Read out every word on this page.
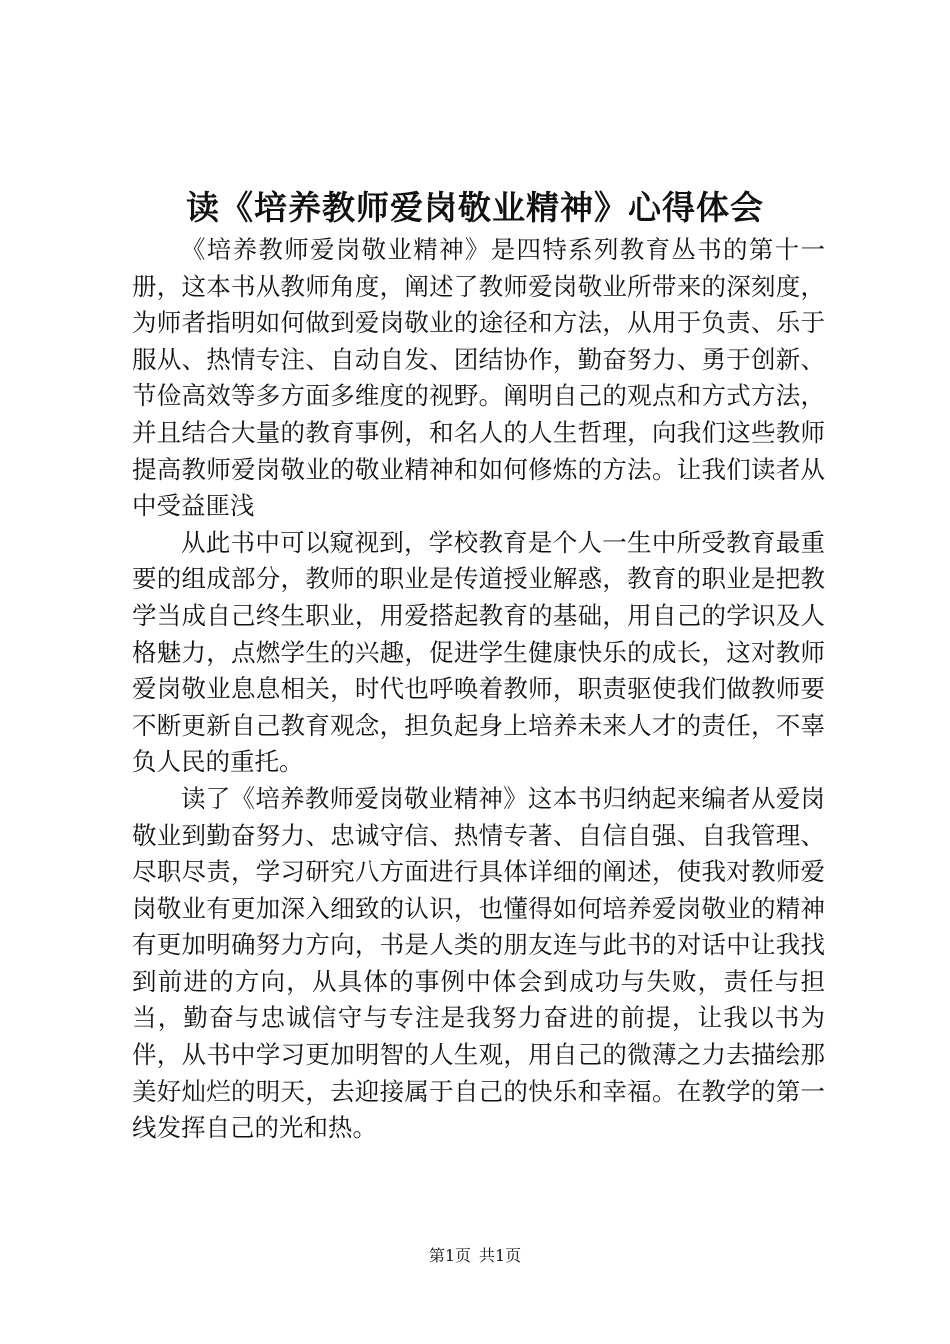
读《培养教师爱岗敬业精神》心得体会

《培养教师爱岗敬业精神》是四特系列教育丛书的第十一册，这本书从教师角度，阐述了教师爱岗敬业所带来的深刻度，为师者指明如何做到爱岗敬业的途径和方法，从用于负责、乐于服从、热情专注、自动自发、团结协作，勤奋努力、勇于创新、节俭高效等多方面多维度的视野。阐明自己的观点和方式方法，并且结合大量的教育事例，和名人的人生哲理，向我们这些教师提高教师爱岗敬业的敬业精神和如何修炼的方法。让我们读者从中受益匪浅

从此书中可以窥视到，学校教育是个人一生中所受教育最重要的组成部分，教师的职业是传道授业解惑，教育的职业是把教学当成自己终生职业，用爱搭起教育的基础，用自己的学识及人格魅力，点燃学生的兴趣，促进学生健康快乐的成长，这对教师爱岗敬业息息相关，时代也呼唤着教师，职责驱使我们做教师要不断更新自己教育观念，担负起身上培养未来人才的责任，不辜负人民的重托。

读了《培养教师爱岗敬业精神》这本书归纳起来编者从爱岗敬业到勤奋努力、忠诚守信、热情专著、自信自强、自我管理、尽职尽责，学习研究八方面进行具体详细的阐述，使我对教师爱岗敬业有更加深入细致的认识，也懂得如何培养爱岗敬业的精神有更加明确努力方向，书是人类的朋友连与此书的对话中让我找到前进的方向，从具体的事例中体会到成功与失败，责任与担当，勤奋与忠诚信守与专注是我努力奋进的前提，让我以书为伴，从书中学习更加明智的人生观，用自己的微薄之力去描绘那美好灿烂的明天，去迎接属于自己的快乐和幸福。在教学的第一线发挥自己的光和热。

第1页 共1页
